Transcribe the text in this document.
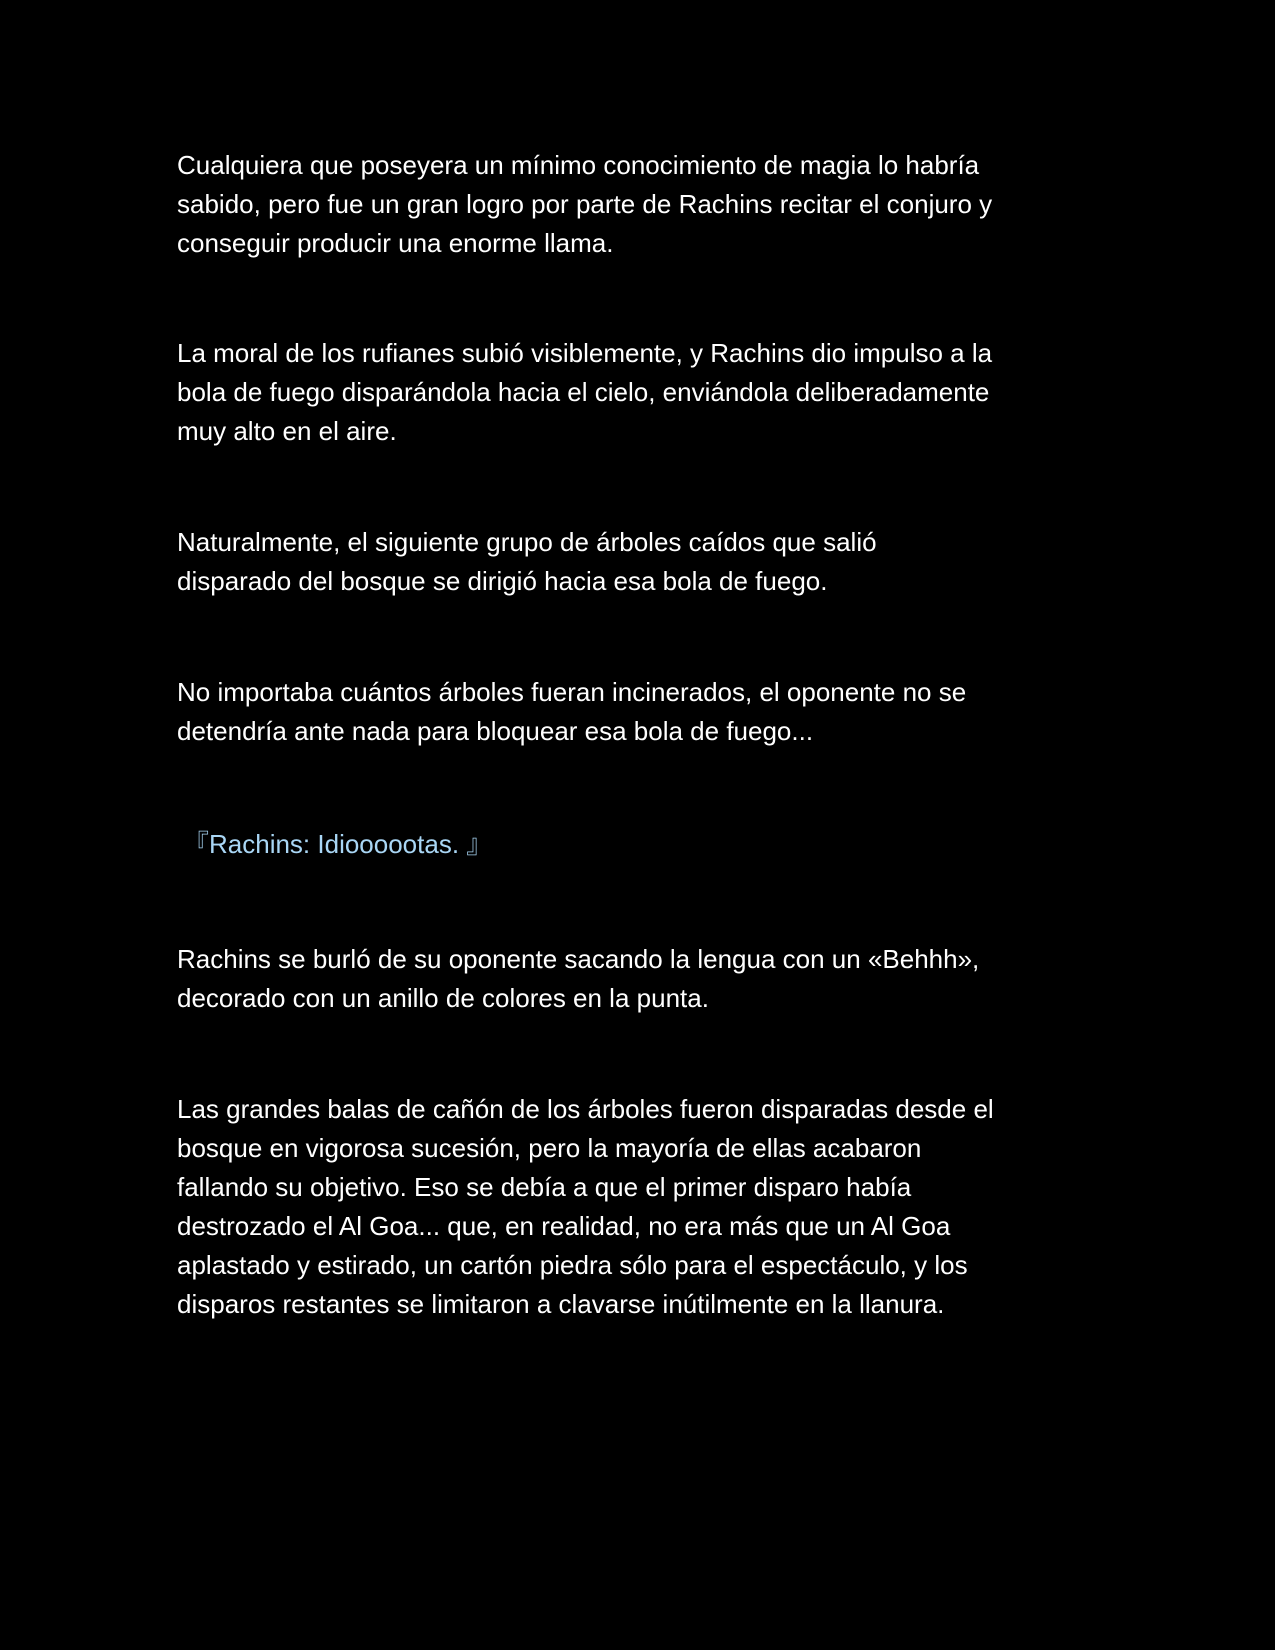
Cualquiera que poseyera un mínimo conocimiento de magia lo habría
sabido, pero fue un gran logro por parte de Rachins recitar el conjuro y
conseguir producir una enorme llama.

La moral de los rufianes subió visiblemente, y Rachins dio impulso a la
bola de fuego disparándola hacia el cielo, enviándola deliberadamente
muy alto en el aire.

Naturalmente, el siguiente grupo de árboles caídos que salió
disparado del bosque se dirigió hacia esa bola de fuego.

No importaba cuántos árboles fueran incinerados, el oponente no se
detendría ante nada para bloquear esa bola de fuego...

『Rachins: Idioooootas. 』

Rachins se burló de su oponente sacando la lengua con un «Behhh»,
decorado con un anillo de colores en la punta.

Las grandes balas de cañón de los árboles fueron disparadas desde el
bosque en vigorosa sucesión, pero la mayoría de ellas acabaron
fallando su objetivo. Eso se debía a que el primer disparo había
destrozado el Al Goa... que, en realidad, no era más que un Al Goa
aplastado y estirado, un cartón piedra sólo para el espectáculo, y los
disparos restantes se limitaron a clavarse inútilmente en la llanura.
